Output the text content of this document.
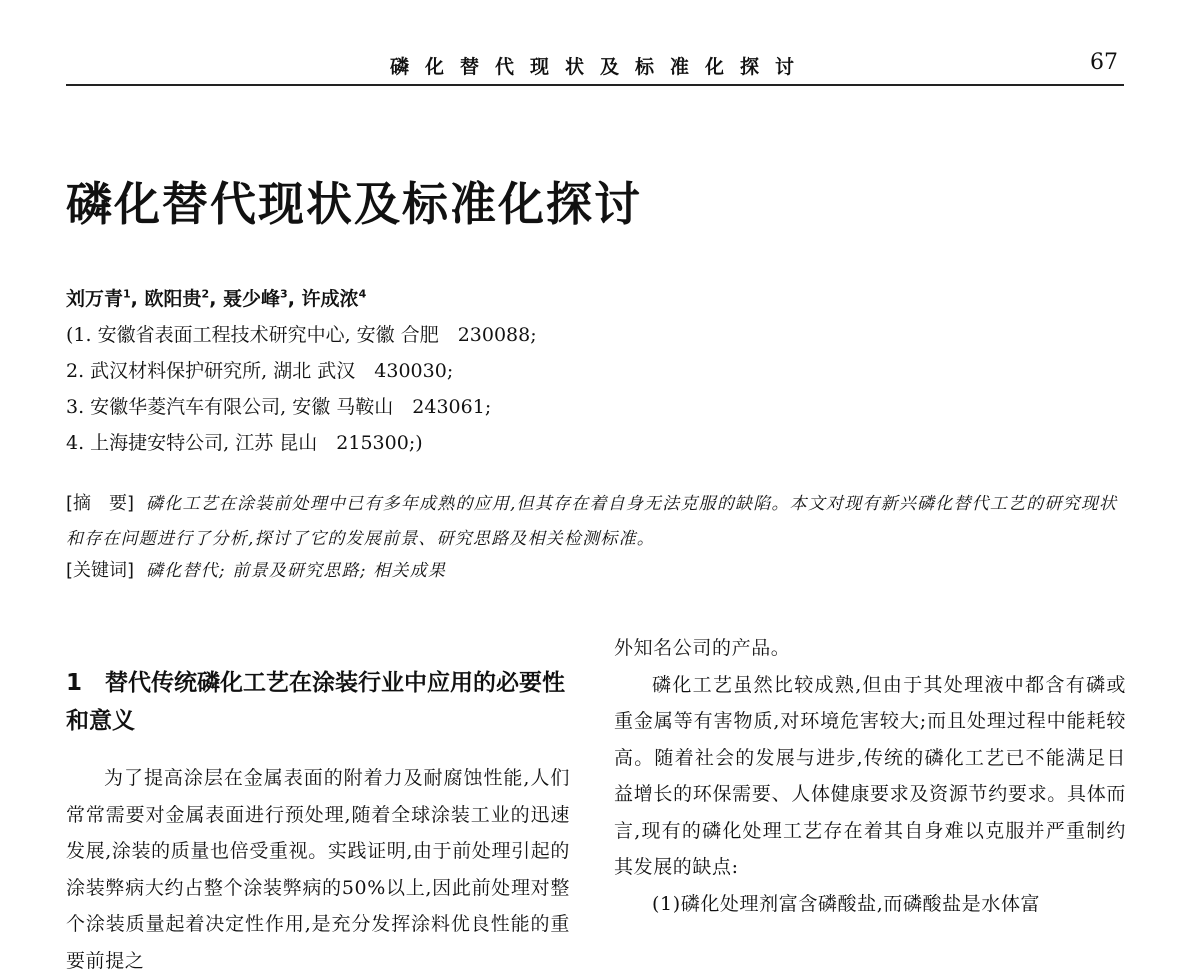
磷化替代现状及标准化探讨	67
磷化替代现状及标准化探讨
刘万青$^1$, 欧阳贵$^2$, 聂少峰$^3$, 许成浓$^4$
(1. 安徽省表面工程技术研究中心, 安徽 合肥　230088;
2. 武汉材料保护研究所, 湖北 武汉　430030;
3. 安徽华菱汽车有限公司, 安徽 马鞍山　243061;
4. 上海捷安特公司, 江苏 昆山　215300;)
[摘　要] 磷化工艺在涂装前处理中已有多年成熟的应用,但其存在着自身无法克服的缺陷。本文对现有新兴磷化替代工艺的研究现状和存在问题进行了分析,探讨了它的发展前景、研究思路及相关检测标准。
[关键词] 磷化替代; 前景及研究思路; 相关成果
1　替代传统磷化工艺在涂装行业中应用的必要性和意义
为了提高涂层在金属表面的附着力及耐腐蚀性能,人们常常需要对金属表面进行预处理,随着全球涂装工业的迅速发展,涂装的质量也倍受重视。实践证明,由于前处理引起的涂装弊病大约占整个涂装弊病的50%以上,因此前处理对整个涂装质量起着决定性作用,是充分发挥涂料优良性能的重要前提之

外知名公司的产品。

磷化工艺虽然比较成熟,但由于其处理液中都含有磷或重金属等有害物质,对环境危害较大;而且处理过程中能耗较高。随着社会的发展与进步,传统的磷化工艺已不能满足日益增长的环保需要、人体健康要求及资源节约要求。具体而言,现有的磷化处理工艺存在着其自身难以克服并严重制约其发展的缺点:

(1)磷化处理剂富含磷酸盐,而磷酸盐是水体富
